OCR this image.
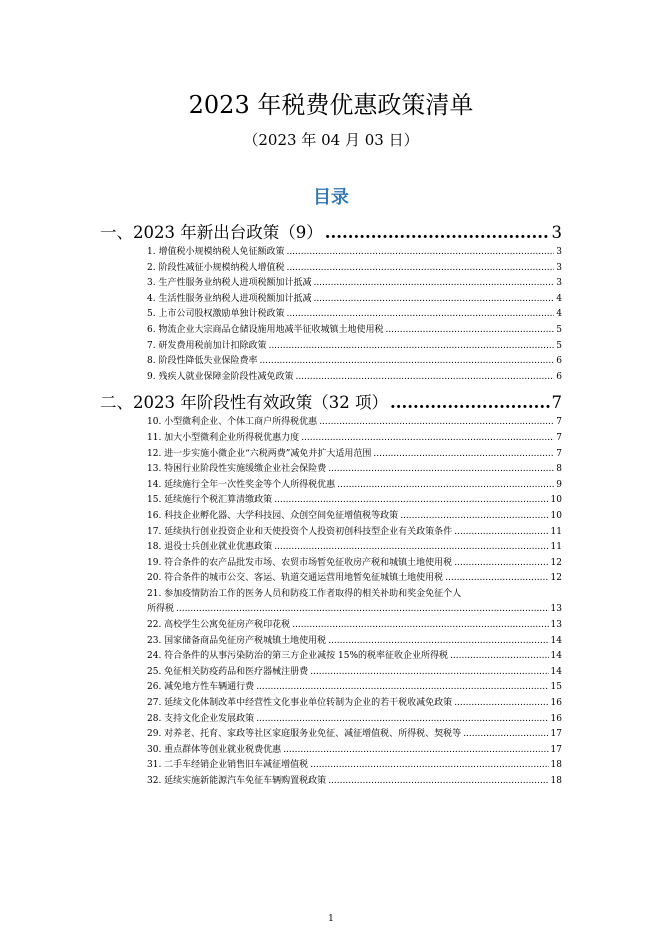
2023 年税费优惠政策清单
（2023 年 04 月 03 日）
目录
一、2023 年新出台政策（9） .....	3
1. 增值税小规模纳税人免征额政策 .....	3
2. 阶段性减征小规模纳税人增值税 .....	3
3. 生产性服务业纳税人进项税额加计抵减 .....	3
4. 生活性服务业纳税人进项税额加计抵减 .....	4
5. 上市公司股权激励单独计税政策 .....	4
6. 物流企业大宗商品仓储设施用地减半征收城镇土地使用税 .....	5
7. 研发费用税前加计扣除政策 .....	5
8. 阶段性降低失业保险费率 .....	6
9. 残疾人就业保障金阶段性减免政策 .....	6
二、2023 年阶段性有效政策（32 项） .....	7
10. 小型微利企业、个体工商户所得税优惠 .....	7
11. 加大小型微利企业所得税优惠力度 .....	7
12. 进一步实施小微企业“六税两费”减免并扩大适用范围 .....	7
13. 特困行业阶段性实施缓缴企业社会保险费 .....	8
14. 延续施行全年一次性奖金等个人所得税优惠 .....	9
15. 延续施行个税汇算清缴政策 .....	10
16. 科技企业孵化器、大学科技园、众创空间免征增值税等政策 .....	10
17. 延续执行创业投资企业和天使投资个人投资初创科技型企业有关政策条件 .....	11
18. 退役士兵创业就业优惠政策 .....	11
19. 符合条件的农产品批发市场、农贸市场暂免征收房产税和城镇土地使用税 .....	12
20. 符合条件的城市公交、客运、轨道交通运营用地暂免征城镇土地使用税 .....	12
21. 参加疫情防治工作的医务人员和防疫工作者取得的相关补助和奖金免征个人
所得税 .....	13
22. 高校学生公寓免征房产税印花税 .....	13
23. 国家储备商品免征房产税城镇土地使用税 .....	14
24. 符合条件的从事污染防治的第三方企业减按 15%的税率征收企业所得税 .....	14
25. 免征相关防疫药品和医疗器械注册费 .....	14
26. 减免地方性车辆通行费 .....	15
27. 延续文化体制改革中经营性文化事业单位转制为企业的若干税收减免政策 .....	16
28. 支持文化企业发展政策 .....	16
29. 对养老、托育、家政等社区家庭服务业免征、减征增值税、所得税、契税等 .....	17
30. 重点群体等创业就业税费优惠 .....	17
31. 二手车经销企业销售旧车减征增值税 .....	18
32. 延续实施新能源汽车免征车辆购置税政策 .....	18
1
